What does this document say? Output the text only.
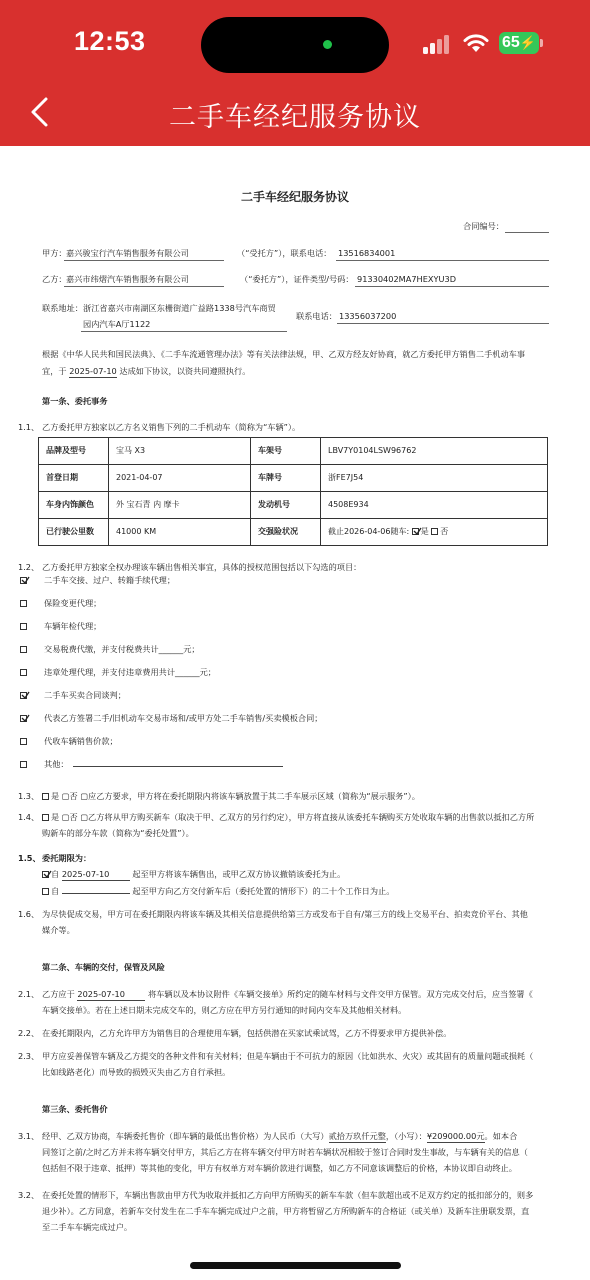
12:53	65 ⚡
二手车经纪服务协议
二手车经纪服务协议
合同编号：
甲方： 嘉兴骏宝行汽车销售服务有限公司	（“受托方”），联系电话： 13516834001
乙方： 嘉兴市纬熠汽车销售服务有限公司	（“委托方”），证件类型/号码： 91330402MA7HEXYU3D
联系地址： 浙江省嘉兴市南湖区东栅街道广益路1338号汽车商贸
园内汽车A厅1122
联系电话： 13356037200
根据《中华人民共和国民法典》、《二手车流通管理办法》等有关法律法规，甲、乙双方经友好协商，就乙方委托甲方销售二手机动车事
宜，于 2025-07-10 达成如下协议，以资共同遵照执行。
第一条、委托事务
1.1、 乙方委托甲方独家以乙方名义销售下列的二手机动车（简称为“车辆”）。
品牌及型号	宝马 X3	车架号	LBV7Y0104LSW96762
首登日期	2021-04-07	车牌号	浙FE7J54
车身内饰颜色	外 宝石青 内 摩卡	发动机号	4508E934
已行驶公里数	41000 KM	交强险状况	截止2026-04-06随车: 是 否
1.2、 乙方委托甲方独家全权办理该车辆出售相关事宜，具体的授权范围包括以下勾选的项目：
二手车交接、过户、转籍手续代理；
保险变更代理；
车辆年检代理；
交易税费代缴，并支付税费共计______元；
违章处理代理，并支付违章费用共计______元；
二手车买卖合同谈判；
代表乙方签署二手/旧机动车交易市场和/或甲方处二手车销售/买卖模板合同；
代收车辆销售价款；
其他：
1.3、	是 ▢否 ▢应乙方要求，甲方将在委托期限内将该车辆放置于其二手车展示区域（简称为“展示服务”）。
1.4、	是 ▢否 ▢乙方将从甲方购买新车（取决于甲、乙双方的另行约定），甲方将直接从该委托车辆购买方处收取车辆的出售款以抵扣乙方所
购新车的部分车款（简称为“委托处置”）。
1.5、 委托期限为：
自 2025-07-10	起至甲方将该车辆售出，或甲乙双方协议撤销该委托为止。
自	起至甲方向乙方交付新车后（委托处置的情形下）的二十个工作日为止。
1.6、 为尽快促成交易，甲方可在委托期限内将该车辆及其相关信息提供给第三方或发布于自有/第三方的线上交易平台、拍卖竞价平台、其他
媒介等。
第二条、车辆的交付，保管及风险
2.1、 乙方应于 2025-07-10	将车辆以及本协议附件《车辆交接单》所约定的随车材料与文件交甲方保管。双方完成交付后，应当签署《
车辆交接单》。若在上述日期未完成交车的，则乙方应在甲方另行通知的时间内交车及其他相关材料。
2.2、 在委托期限内，乙方允许甲方为销售目的合理使用车辆，包括供潜在买家试乘试驾，乙方不得要求甲方提供补偿。
2.3、 甲方应妥善保管车辆及乙方提交的各种文件和有关材料；但是车辆由于不可抗力的原因（比如洪水、火灾）或其固有的质量问题或损耗（
比如线路老化）而导致的损毁灭失由乙方自行承担。
第三条、委托售价
3.1、 经甲、乙双方协商，车辆委托售价（即车辆的最低出售价格）为人民币（大写）贰拾万玖仟元整，（小写）：¥209000.00元。如本合
同签订之前/之时乙方并未将车辆交付甲方，其后乙方在将车辆交付甲方时若车辆状况相较于签订合同时发生事故，与车辆有关的信息（
包括但不限于违章、抵押）等其他的变化，甲方有权单方对车辆价款进行调整，如乙方不同意该调整后的价格，本协议即自动终止。
3.2、 在委托处置的情形下，车辆出售款由甲方代为收取并抵扣乙方向甲方所购买的新车车款（但车款超出或不足双方约定的抵扣部分的，则多
退少补）。乙方同意，若新车交付发生在二手车车辆完成过户之前，甲方将暂留乙方所购新车的合格证（或关单）及新车注册联发票，直
至二手车车辆完成过户。
